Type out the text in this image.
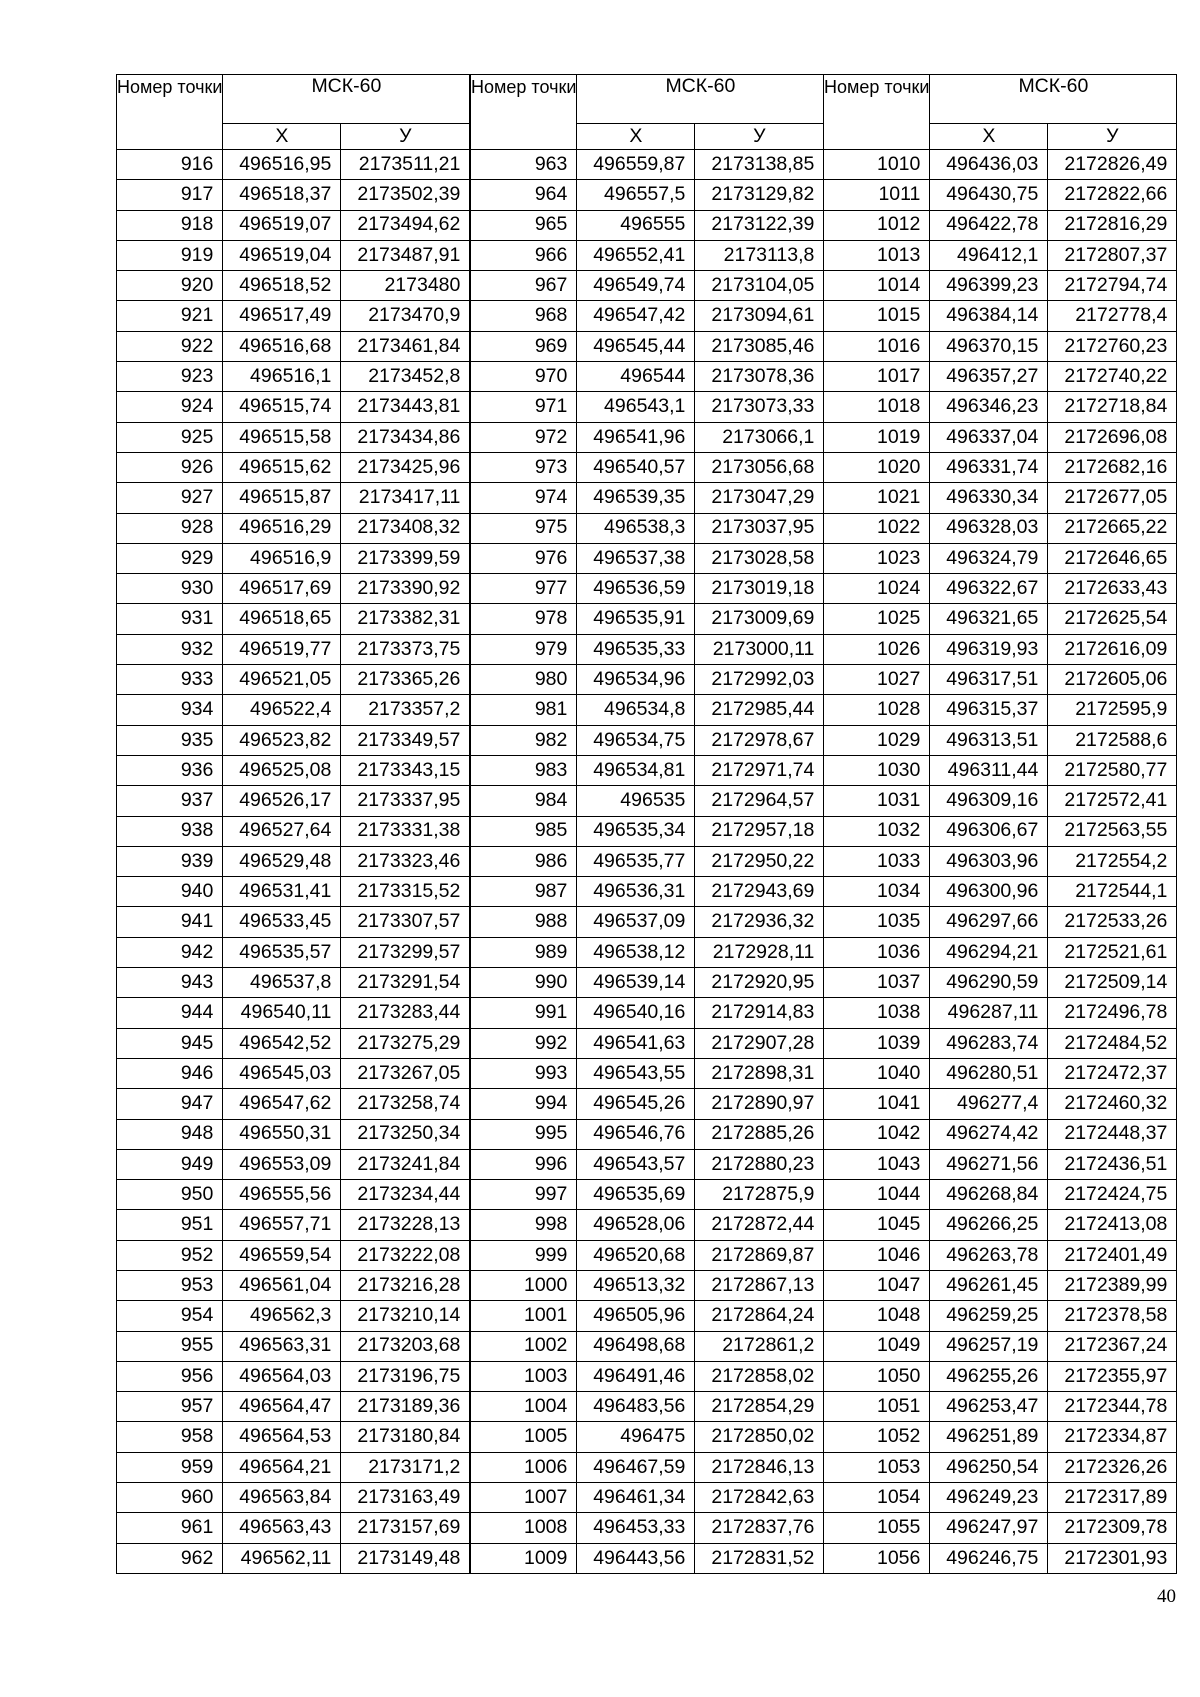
Номер точки	МСК-60	
	Х	У
916	496516,95	2173511,21
917	496518,37	2173502,39
918	496519,07	2173494,62
919	496519,04	2173487,91
920	496518,52	2173480
921	496517,49	2173470,9
922	496516,68	2173461,84
923	496516,1	2173452,8
924	496515,74	2173443,81
925	496515,58	2173434,86
926	496515,62	2173425,96
927	496515,87	2173417,11
928	496516,29	2173408,32
929	496516,9	2173399,59
930	496517,69	2173390,92
931	496518,65	2173382,31
932	496519,77	2173373,75
933	496521,05	2173365,26
934	496522,4	2173357,2
935	496523,82	2173349,57
936	496525,08	2173343,15
937	496526,17	2173337,95
938	496527,64	2173331,38
939	496529,48	2173323,46
940	496531,41	2173315,52
941	496533,45	2173307,57
942	496535,57	2173299,57
943	496537,8	2173291,54
944	496540,11	2173283,44
945	496542,52	2173275,29
946	496545,03	2173267,05
947	496547,62	2173258,74
948	496550,31	2173250,34
949	496553,09	2173241,84
950	496555,56	2173234,44
951	496557,71	2173228,13
952	496559,54	2173222,08
953	496561,04	2173216,28
954	496562,3	2173210,14
955	496563,31	2173203,68
956	496564,03	2173196,75
957	496564,47	2173189,36
958	496564,53	2173180,84
959	496564,21	2173171,2
960	496563,84	2173163,49
961	496563,43	2173157,69
962	496562,11	2173149,48
Номер точки	МСК-60	
	Х	У
963	496559,87	2173138,85
964	496557,5	2173129,82
965	496555	2173122,39
966	496552,41	2173113,8
967	496549,74	2173104,05
968	496547,42	2173094,61
969	496545,44	2173085,46
970	496544	2173078,36
971	496543,1	2173073,33
972	496541,96	2173066,1
973	496540,57	2173056,68
974	496539,35	2173047,29
975	496538,3	2173037,95
976	496537,38	2173028,58
977	496536,59	2173019,18
978	496535,91	2173009,69
979	496535,33	2173000,11
980	496534,96	2172992,03
981	496534,8	2172985,44
982	496534,75	2172978,67
983	496534,81	2172971,74
984	496535	2172964,57
985	496535,34	2172957,18
986	496535,77	2172950,22
987	496536,31	2172943,69
988	496537,09	2172936,32
989	496538,12	2172928,11
990	496539,14	2172920,95
991	496540,16	2172914,83
992	496541,63	2172907,28
993	496543,55	2172898,31
994	496545,26	2172890,97
995	496546,76	2172885,26
996	496543,57	2172880,23
997	496535,69	2172875,9
998	496528,06	2172872,44
999	496520,68	2172869,87
1000	496513,32	2172867,13
1001	496505,96	2172864,24
1002	496498,68	2172861,2
1003	496491,46	2172858,02
1004	496483,56	2172854,29
1005	496475	2172850,02
1006	496467,59	2172846,13
1007	496461,34	2172842,63
1008	496453,33	2172837,76
1009	496443,56	2172831,52
Номер точки	МСК-60	
	Х	У
1010	496436,03	2172826,49
1011	496430,75	2172822,66
1012	496422,78	2172816,29
1013	496412,1	2172807,37
1014	496399,23	2172794,74
1015	496384,14	2172778,4
1016	496370,15	2172760,23
1017	496357,27	2172740,22
1018	496346,23	2172718,84
1019	496337,04	2172696,08
1020	496331,74	2172682,16
1021	496330,34	2172677,05
1022	496328,03	2172665,22
1023	496324,79	2172646,65
1024	496322,67	2172633,43
1025	496321,65	2172625,54
1026	496319,93	2172616,09
1027	496317,51	2172605,06
1028	496315,37	2172595,9
1029	496313,51	2172588,6
1030	496311,44	2172580,77
1031	496309,16	2172572,41
1032	496306,67	2172563,55
1033	496303,96	2172554,2
1034	496300,96	2172544,1
1035	496297,66	2172533,26
1036	496294,21	2172521,61
1037	496290,59	2172509,14
1038	496287,11	2172496,78
1039	496283,74	2172484,52
1040	496280,51	2172472,37
1041	496277,4	2172460,32
1042	496274,42	2172448,37
1043	496271,56	2172436,51
1044	496268,84	2172424,75
1045	496266,25	2172413,08
1046	496263,78	2172401,49
1047	496261,45	2172389,99
1048	496259,25	2172378,58
1049	496257,19	2172367,24
1050	496255,26	2172355,97
1051	496253,47	2172344,78
1052	496251,89	2172334,87
1053	496250,54	2172326,26
1054	496249,23	2172317,89
1055	496247,97	2172309,78
1056	496246,75	2172301,93
40
